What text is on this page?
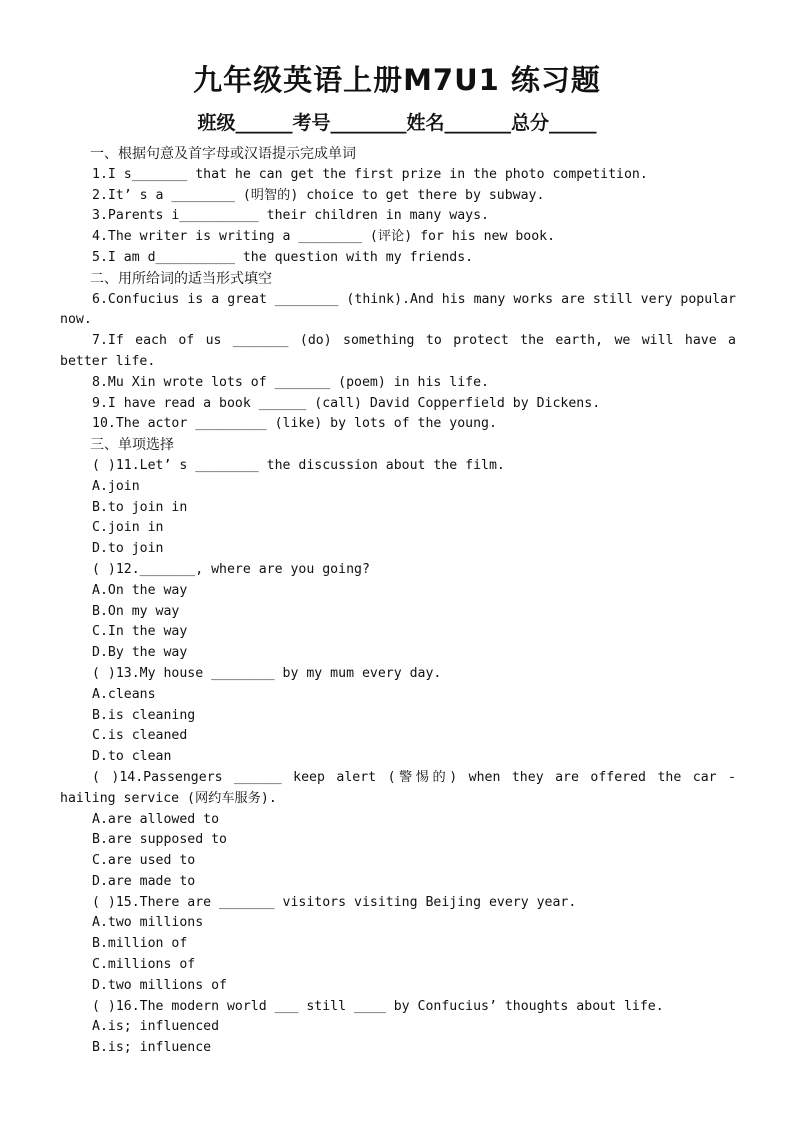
九年级英语上册M7U1 练习题
班级______考号________姓名_______总分_____
一、根据句意及首字母或汉语提示完成单词
1.I s_______ that he can get the first prize in the photo competition.
2.It’ s a ________ (明智的) choice to get there by subway.
3.Parents i__________ their children in many ways.
4.The writer is writing a ________ (评论) for his new book.
5.I am d__________ the question with my friends.
二、用所给词的适当形式填空
6.Confucius is a great ________ (think).And his many works are still very popular now.
7.If each of us _______ (do) something to protect the earth, we will have a better life.
8.Mu Xin wrote lots of _______ (poem) in his life.
9.I have read a book ______ (call) David Copperfield by Dickens.
10.The actor _________ (like) by lots of the young.
三、单项选择
( )11.Let’ s ________ the discussion about the film.
A.join
B.to join in
C.join in
D.to join
( )12._______, where are you going?
A.On the way
B.On my way
C.In the way
D.By the way
( )13.My house ________ by my mum every day.
A.cleans
B.is cleaning
C.is cleaned
D.to clean
( )14.Passengers ______ keep alert (警惕的) when they are offered the car - hailing service (网约车服务).
A.are allowed to
B.are supposed to
C.are used to
D.are made to
( )15.There are _______ visitors visiting Beijing every year.
A.two millions
B.million of
C.millions of
D.two millions of
( )16.The modern world ___ still ____ by Confucius’ thoughts about life.
A.is; influenced
B.is; influence
